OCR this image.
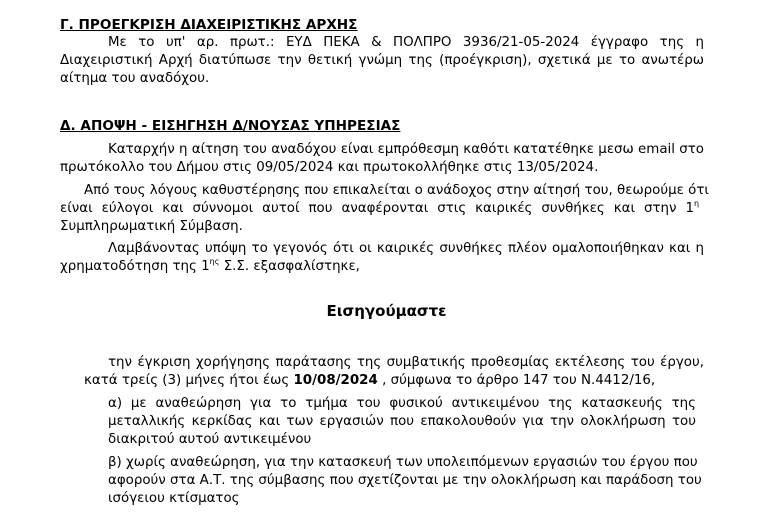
Γ. ΠΡΟΕΓΚΡΙΣΗ ΔΙΑΧΕΙΡΙΣΤΙΚΗΣ ΑΡΧΗΣ
Με το υπ' αρ. πρωτ.: ΕΥΔ ΠΕΚΑ & ΠΟΛΠΡΟ 3936/21-05-2024 έγγραφο της η
Διαχειριστική Αρχή διατύπωσε την θετική γνώμη της (προέγκριση), σχετικά με το ανωτέρω
αίτημα του αναδόχου.
Δ. ΑΠΟΨΗ - ΕΙΣΗΓΗΣΗ Δ/ΝΟΥΣΑΣ ΥΠΗΡΕΣΙΑΣ
Καταρχήν η αίτηση του αναδόχου είναι εμπρόθεσμη καθότι κατατέθηκε μεσω email στο
πρωτόκολλο του Δήμου στις 09/05/2024 και πρωτοκολλήθηκε στις 13/05/2024.
Από τους λόγους καθυστέρησης που επικαλείται ο ανάδοχος στην αίτησή του, θεωρούμε ότι
είναι εύλογοι και σύννομοι αυτοί που αναφέρονται στις καιρικές συνθήκες και στην $1^\eta$
Συμπληρωματική Σύμβαση.
Λαμβάνοντας υπόψη το γεγονός ότι οι καιρικές συνθήκες πλέον ομαλοποιήθηκαν και η
χρηματοδότηση της $1^{\eta\varsigma}$ Σ.Σ. εξασφαλίστηκε,
Εισηγούμαστε
την έγκριση χορήγησης παράτασης της συμβατικής προθεσμίας εκτέλεσης του έργου,
κατά τρείς (3) μήνες ήτοι έως 10/08/2024 , σύμφωνα το άρθρο 147 του Ν.4412/16,
α) με αναθεώρηση για το τμήμα του φυσικού αντικειμένου της κατασκευής της
μεταλλικής κερκίδας και των εργασιών που επακολουθούν για την ολοκλήρωση του
διακριτού αυτού αντικειμένου
β) χωρίς αναθεώρηση, για την κατασκευή των υπολειπόμενων εργασιών του έργου που
αφορούν στα Α.Τ. της σύμβασης που σχετίζονται με την ολοκλήρωση και παράδοση του
ισόγειου κτίσματος
